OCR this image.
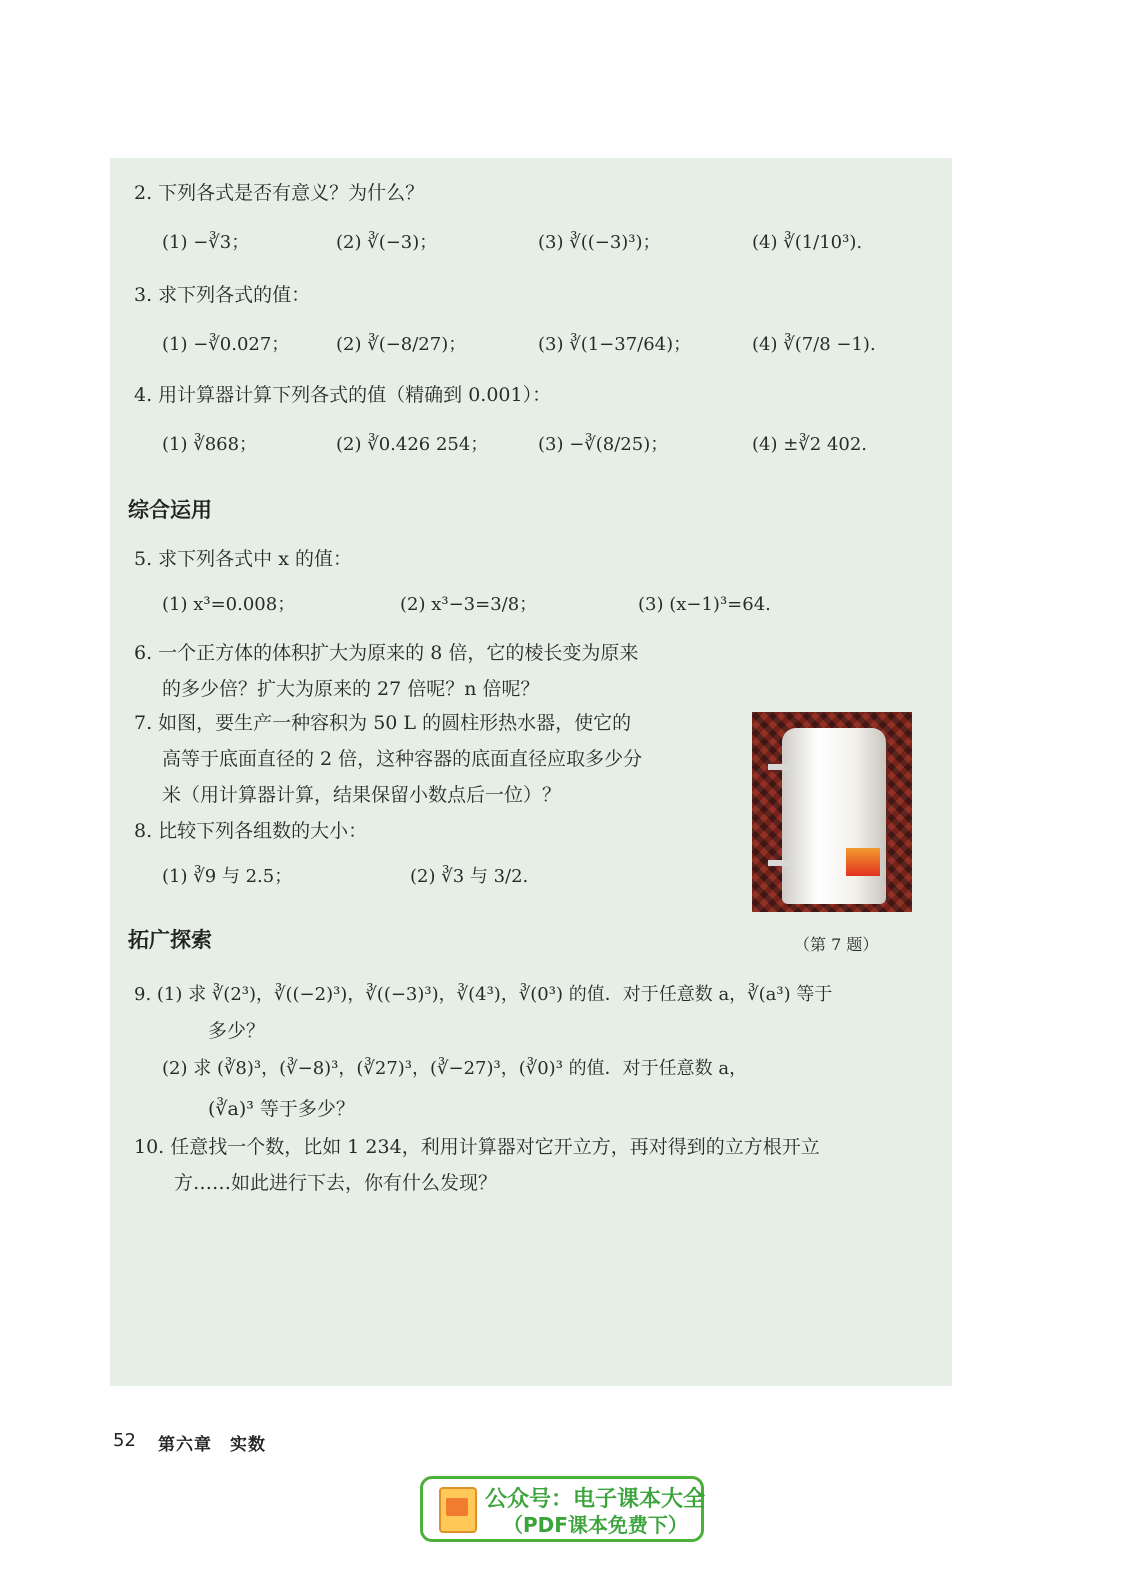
2. 下列各式是否有意义？为什么？
(1) −∛3；	(2) ∛(−3)；	(3) ∛((−3)³)；	(4) ∛(1/10³).
3. 求下列各式的值：
(1) −∛0.027；	(2) ∛(−8/27)；	(3) ∛(1−37/64)；	(4) ∛(7/8 −1).
4. 用计算器计算下列各式的值（精确到 0.001）：
(1) ∛868；	(2) ∛0.426 254；	(3) −∛(8/25)；	(4) ±∛2 402.
综合运用
5. 求下列各式中 x 的值：
(1) x³=0.008；	(2) x³−3=3/8；	(3) (x−1)³=64.
6. 一个正方体的体积扩大为原来的 8 倍，它的棱长变为原来
的多少倍？扩大为原来的 27 倍呢？n 倍呢？
7. 如图，要生产一种容积为 50 L 的圆柱形热水器，使它的
高等于底面直径的 2 倍，这种容器的底面直径应取多少分
米（用计算器计算，结果保留小数点后一位）？
8. 比较下列各组数的大小：
(1) ∛9 与 2.5；	(2) ∛3 与 3/2.
拓广探索	（第 7 题）
9. (1) 求 ∛(2³)，∛((−2)³)，∛((−3)³)，∛(4³)，∛(0³) 的值．对于任意数 a，∛(a³) 等于
多少？
(2) 求 (∛8)³，(∛−8)³，(∛27)³，(∛−27)³，(∛0)³ 的值．对于任意数 a，
(∛a)³ 等于多少？
10. 任意找一个数，比如 1 234，利用计算器对它开立方，再对得到的立方根开立
方……如此进行下去，你有什么发现？
52 第六章　实数
公众号：电子课本大全
（PDF课本免费下）
